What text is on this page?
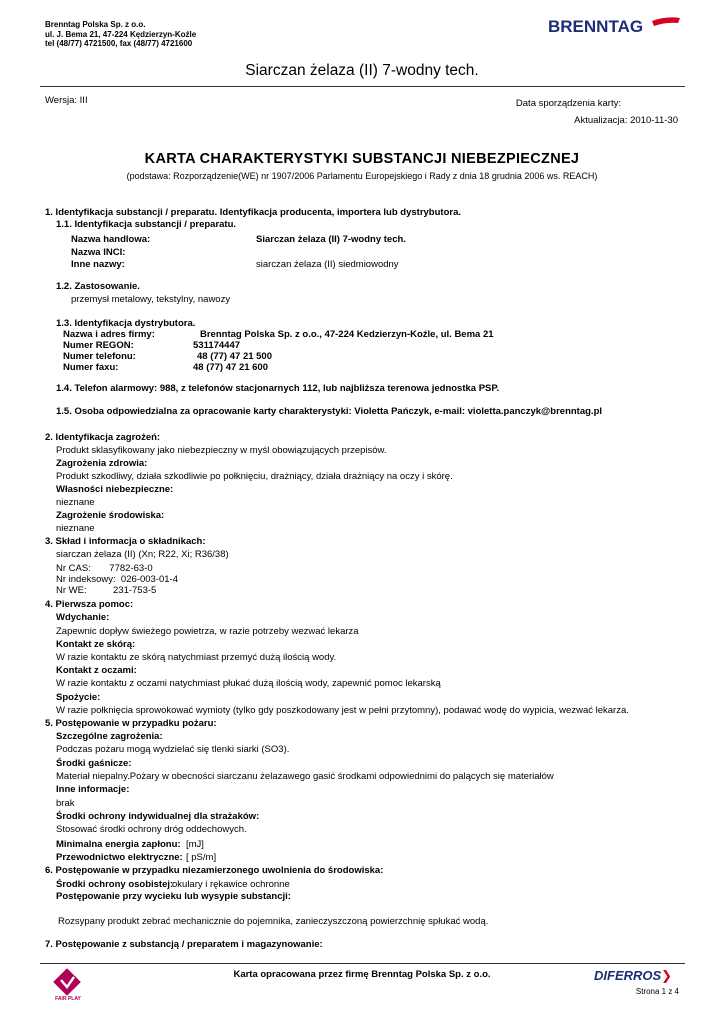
Brenntag Polska Sp. z o.o.
ul. J. Bema 21, 47-224 Kędzierzyn-Koźle
tel (48/77) 4721500, fax (48/77) 4721600
BRENNTAG
Siarczan żelaza (II) 7-wodny tech.
Wersja: III	Data sporządzenia karty:
Aktualizacja: 2010-11-30
KARTA CHARAKTERYSTYKI SUBSTANCJI NIEBEZPIECZNEJ
(podstawa: Rozporządzenie(WE) nr 1907/2006 Parlamentu Europejskiego i Rady z dnia 18 grudnia 2006 ws. REACH)
1. Identyfikacja substancji / preparatu. Identyfikacja producenta, importera lub dystrybutora.
1.1. Identyfikacja substancji / preparatu.
Nazwa handlowa:	Siarczan żelaza (II) 7-wodny tech.
Nazwa INCI:
Inne nazwy:	siarczan żelaza (II) siedmiowodny
1.2. Zastosowanie.
przemysł metalowy, tekstylny, nawozy
1.3. Identyfikacja dystrybutora.
Nazwa i adres firmy:	Brenntag Polska Sp. z o.o., 47-224 Kedzierzyn-Koźle, ul. Bema 21
Numer REGON:	531174447
Numer telefonu:	48 (77) 47 21 500
Numer faxu:	48 (77) 47 21 600
1.4. Telefon alarmowy: 988, z telefonów stacjonarnych 112, lub najbliższa terenowa jednostka PSP.
1.5. Osoba odpowiedzialna za opracowanie karty charakterystyki: Violetta Pańczyk, e-mail: violetta.panczyk@brenntag.pl
2. Identyfikacja zagrożeń:
Produkt sklasyfikowany jako niebezpieczny w myśl obowiązujących przepisów.
Zagrożenia zdrowia:
Produkt szkodliwy, działa szkodliwie po połknięciu, drażniący, działa drażniący na oczy i skórę.
Własności niebezpieczne:
nieznane
Zagrożenie środowiska:
nieznane
3. Skład i informacja o składnikach:
siarczan żelaza (II) (Xn; R22, Xi; R36/38)
Nr CAS:       7782-63-0
Nr indeksowy:  026-003-01-4
Nr WE:          231-753-5
4. Pierwsza pomoc:
Wdychanie:
Zapewnic dopływ świeżego powietrza, w razie potrzeby wezwać lekarza
Kontakt ze skórą:
W razie kontaktu ze skórą natychmiast przemyć dużą ilością wody.
Kontakt z oczami:
W razie kontaktu z oczami natychmiast płukać dużą ilością wody, zapewnić pomoc lekarską
Spożycie:
W razie połknięcia sprowokować wymioty (tylko gdy poszkodowany jest w pełni przytomny), podawać wodę do wypicia, wezwać lekarza.
5. Postępowanie w przypadku pożaru:
Szczególne zagrożenia:
Podczas pożaru mogą wydzielać się tlenki siarki (SO3).
Środki gaśnicze:
Materiał niepalny.Pożary w obecności siarczanu żelazawego gasić środkami odpowiednimi do palących się materiałów
Inne informacje:
brak
Środki ochrony indywidualnej dla strażaków:
Stosować środki ochrony dróg oddechowych.
Minimalna energia zapłonu: [mJ]
Przewodnictwo elektryczne: [ pS/m]
6. Postępowanie w przypadku niezamierzonego uwolnienia do środowiska:
Środki ochrony osobistej:
okulary i rękawice ochronne
Postępowanie przy wycieku lub wysypie substancji:
Rozsypany produkt zebrać mechanicznie do pojemnika, zanieczyszczoną powierzchnię spłukać wodą.
7. Postępowanie z substancją / preparatem i magazynowanie:
FAIR PLAY
Karta opracowana przez firmę Brenntag Polska Sp. z o.o.	DIFERROS❯
Strona 1 z 4
